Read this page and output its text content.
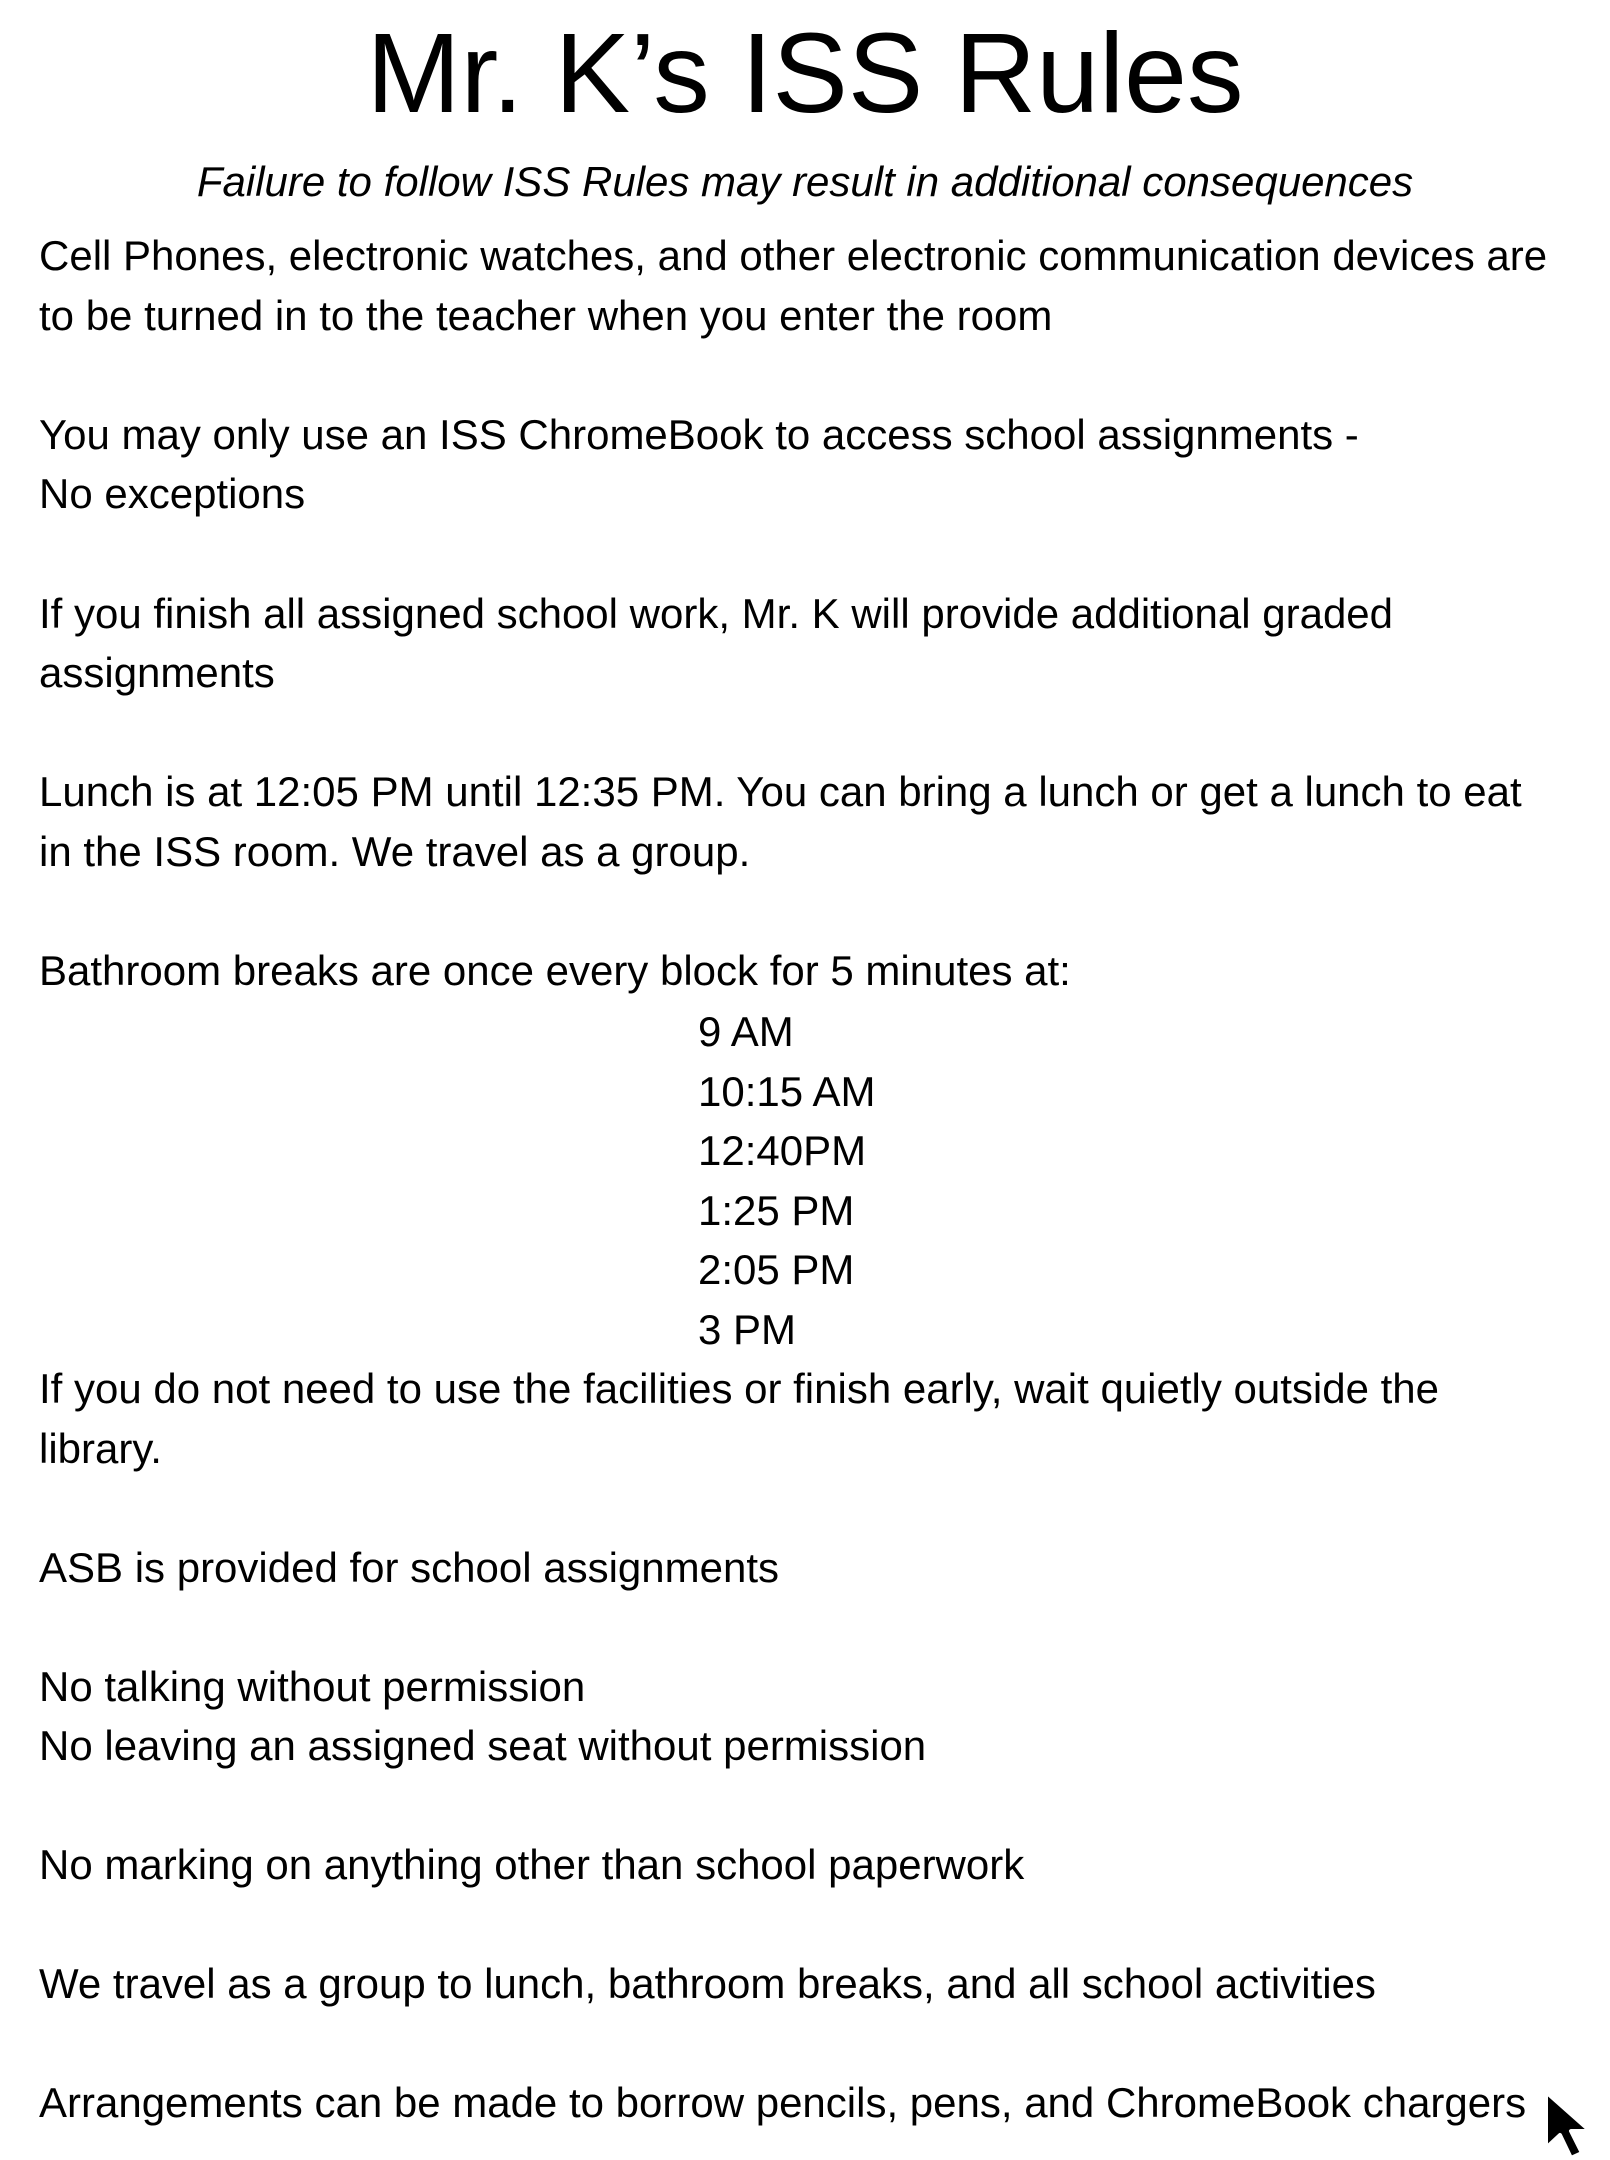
Mr. K’s ISS Rules
Failure to follow ISS Rules may result in additional consequences
Cell Phones, electronic watches, and other electronic communication devices are
to be turned in to the teacher when you enter the room
You may only use an ISS ChromeBook to access school assignments -
No exceptions
If you finish all assigned school work, Mr. K will provide additional graded
assignments
Lunch is at 12:05 PM until 12:35 PM. You can bring a lunch or get a lunch to eat
in the ISS room. We travel as a group.
Bathroom breaks are once every block for 5 minutes at:
9 AM
10:15 AM
12:40PM
1:25 PM
2:05 PM
3 PM
If you do not need to use the facilities or finish early, wait quietly outside the
library.
ASB is provided for school assignments
No talking without permission
No leaving an assigned seat without permission
No marking on anything other than school paperwork
We travel as a group to lunch, bathroom breaks, and all school activities
Arrangements can be made to borrow pencils, pens, and ChromeBook chargers
